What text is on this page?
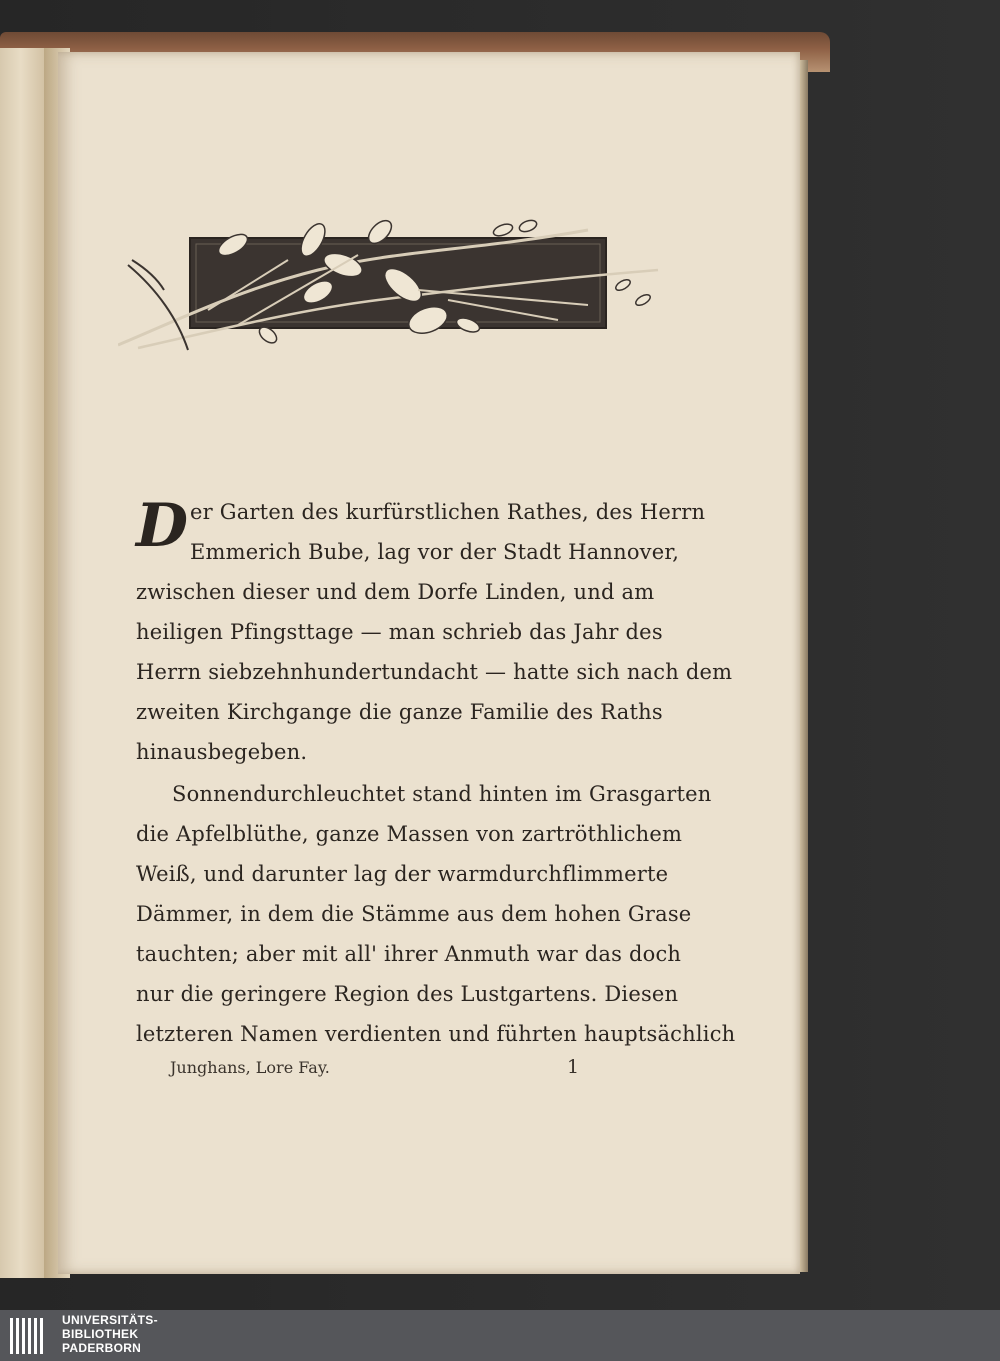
D er Garten des kurfürstlichen Rathes, des Herrn
Emmerich Bube, lag vor der Stadt Hannover,
zwischen dieser und dem Dorfe Linden, und am
heiligen Pfingsttage — man schrieb das Jahr des
Herrn siebzehnhundertundacht — hatte sich nach dem
zweiten Kirchgange die ganze Familie des Raths
hinausbegeben.
Sonnendurchleuchtet stand hinten im Grasgarten
die Apfelblüthe, ganze Massen von zartröthlichem
Weiß, und darunter lag der warmdurchflimmerte
Dämmer, in dem die Stämme aus dem hohen Grase
tauchten; aber mit all' ihrer Anmuth war das doch
nur die geringere Region des Lustgartens. Diesen
letzteren Namen verdienten und führten hauptsächlich
Junghans, Lore Fay.	1
UNIVERSITÄTS-
BIBLIOTHEK
PADERBORN
